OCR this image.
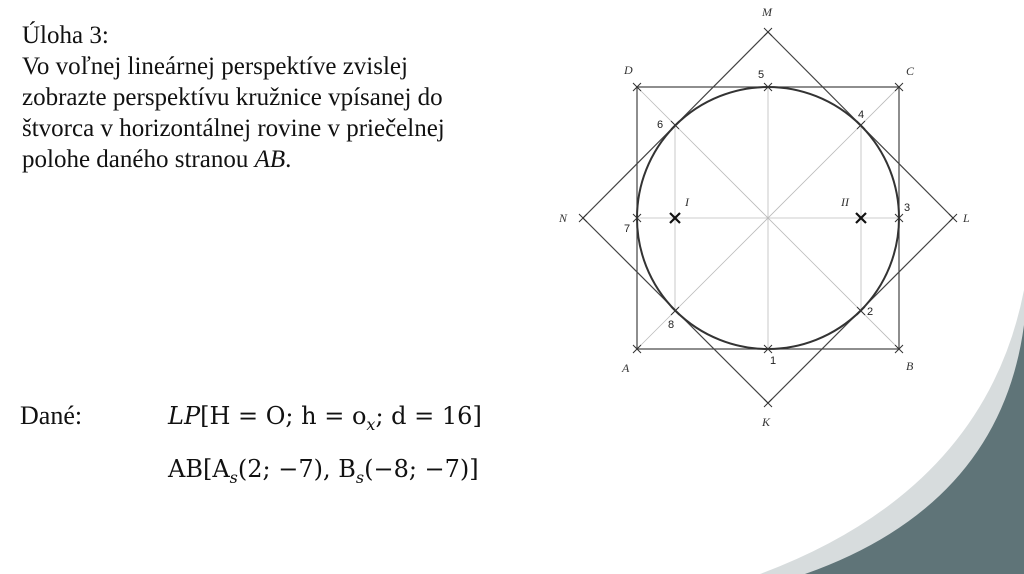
Úloha 3:
Vo voľnej lineárnej perspektíve zvislej
zobrazte perspektívu kružnice vpísanej do
štvorca v horizontálnej rovine v priečelnej
polohe daného stranou AB.
Dané:	LP[H = O; $h = o_x$; d = 16]
$AB[A_s(2$; −7), $B_s(-8$; −7)]
M
D	C
N	L
A	B
K
I	II
1
2
3
4
5
6
7
8
